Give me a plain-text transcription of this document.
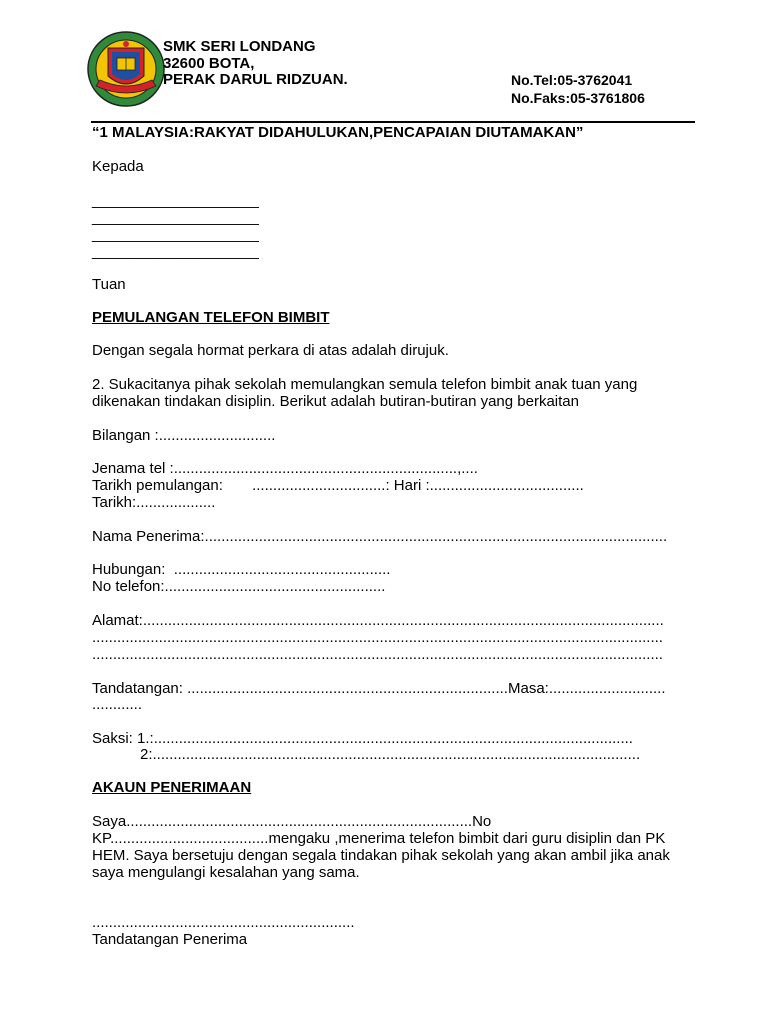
SMK SERI LONDANG
32600 BOTA,
PERAK DARUL RIDZUAN.	No.Tel:05-3762041
No.Faks:05-3761806
“1 MALAYSIA:RAKYAT DIDAHULUKAN,PENCAPAIAN DIUTAMAKAN”
Kepada
____________________
____________________
____________________
____________________
Tuan
PEMULANGAN TELEFON BIMBIT
Dengan segala hormat perkara di atas adalah dirujuk.
2. Sukacitanya pihak sekolah memulangkan semula telefon bimbit anak tuan yang
dikenakan tindakan disiplin. Berikut adalah butiran-butiran yang berkaitan
Bilangan :............................
Jenama tel :....................................................................,....
Tarikh pemulangan:       ................................: Hari :.....................................
Tarikh:...................
Nama Penerima:...............................................................................................................
Hubungan:  ....................................................
No telefon:.....................................................
Alamat:.............................................................................................................................
.........................................................................................................................................
.........................................................................................................................................
Tandatangan: .............................................................................Masa:............................
............
Saksi: 1.:...................................................................................................................
2:.....................................................................................................................
AKAUN PENERIMAAN
Saya...................................................................................No
KP......................................mengaku ,menerima telefon bimbit dari guru disiplin dan PK
HEM. Saya bersetuju dengan segala tindakan pihak sekolah yang akan ambil jika anak
saya mengulangi kesalahan yang sama.
...............................................................
Tandatangan Penerima
